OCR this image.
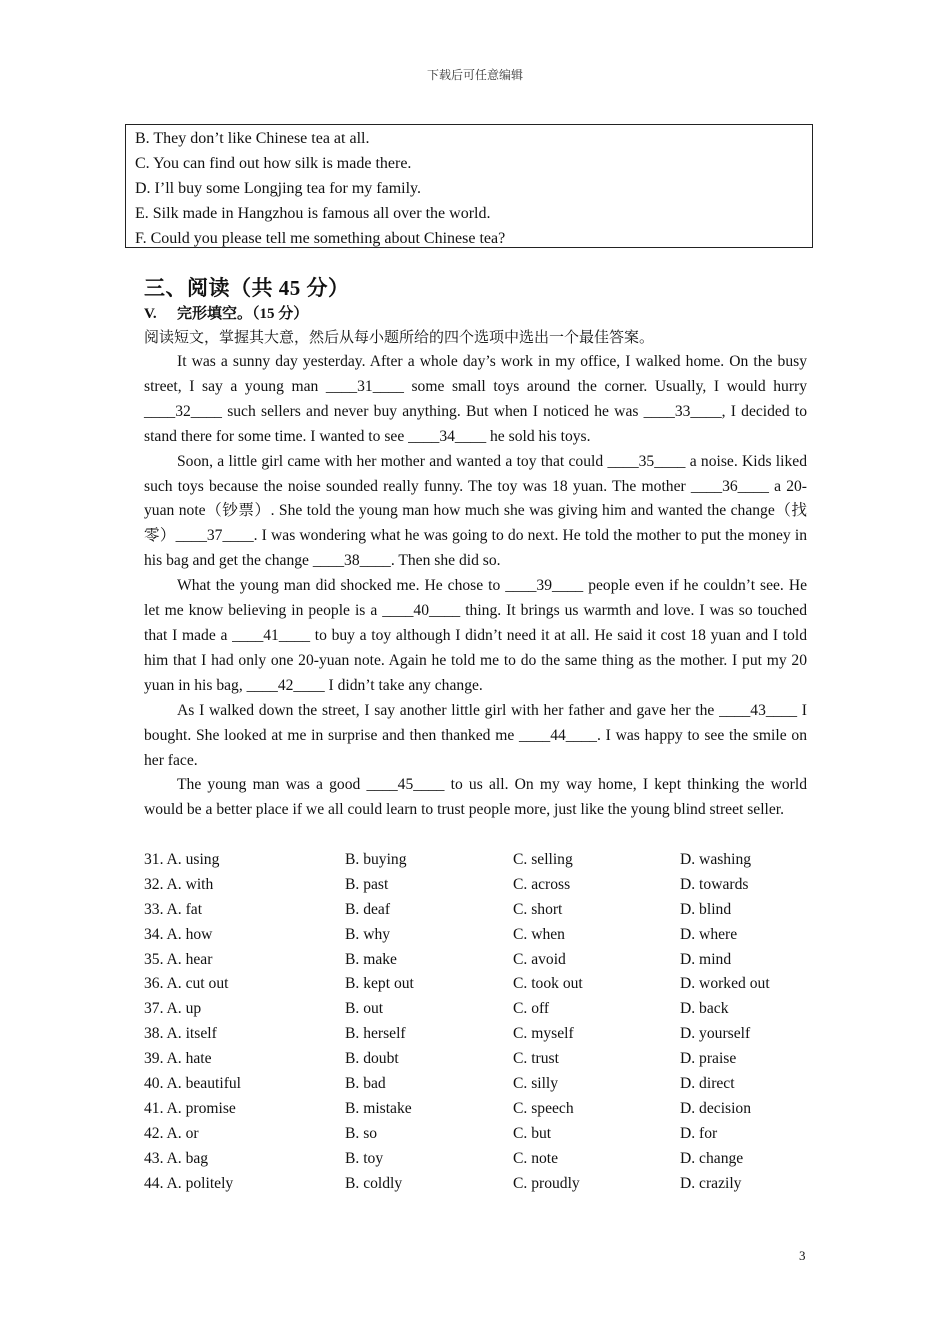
下载后可任意编辑
B. They don’t like Chinese tea at all.
C. You can find out how silk is made there.
D. I’ll buy some Longjing tea for my family.
E. Silk made in Hangzhou is famous all over the world.
F. Could you please tell me something about Chinese tea?
三、阅读（共 45 分）
V. 完形填空。（15 分）
阅读短文，掌握其大意，然后从每小题所给的四个选项中选出一个最佳答案。

It was a sunny day yesterday. After a whole day’s work in my office, I walked home. On the busy street, I say a young man ____31____ some small toys around the corner. Usually, I would hurry ____32____ such sellers and never buy anything. But when I noticed he was ____33____, I decided to stand there for some time. I wanted to see ____34____ he sold his toys.

Soon, a little girl came with her mother and wanted a toy that could ____35____ a noise. Kids liked such toys because the noise sounded really funny. The toy was 18 yuan. The mother ____36____ a 20-yuan note（钞票）. She told the young man how much she was giving him and wanted the change（找零）____37____. I was wondering what he was going to do next. He told the mother to put the money in his bag and get the change ____38____. Then she did so.

What the young man did shocked me. He chose to ____39____ people even if he couldn’t see. He let me know believing in people is a ____40____ thing. It brings us warmth and love. I was so touched that I made a ____41____ to buy a toy although I didn’t need it at all. He said it cost 18 yuan and I told him that I had only one 20-yuan note. Again he told me to do the same thing as the mother. I put my 20 yuan in his bag, ____42____ I didn’t take any change.

As I walked down the street, I say another little girl with her father and gave her the ____43____ I bought. She looked at me in surprise and then thanked me ____44____. I was happy to see the smile on her face.

The young man was a good ____45____ to us all. On my way home, I kept thinking the world would be a better place if we all could learn to trust people more, just like the young blind street seller.

31. A. using	B. buying	C. selling	D. washing
32. A. with	B. past	C. across	D. towards
33. A. fat	B. deaf	C. short	D. blind
34. A. how	B. why	C. when	D. where
35. A. hear	B. make	C. avoid	D. mind
36. A. cut out	B. kept out	C. took out	D. worked out
37. A. up	B. out	C. off	D. back
38. A. itself	B. herself	C. myself	D. yourself
39. A. hate	B. doubt	C. trust	D. praise
40. A. beautiful	B. bad	C. silly	D. direct
41. A. promise	B. mistake	C. speech	D. decision
42. A. or	B. so	C. but	D. for
43. A. bag	B. toy	C. note	D. change
44. A. politely	B. coldly	C. proudly	D. crazily
3
